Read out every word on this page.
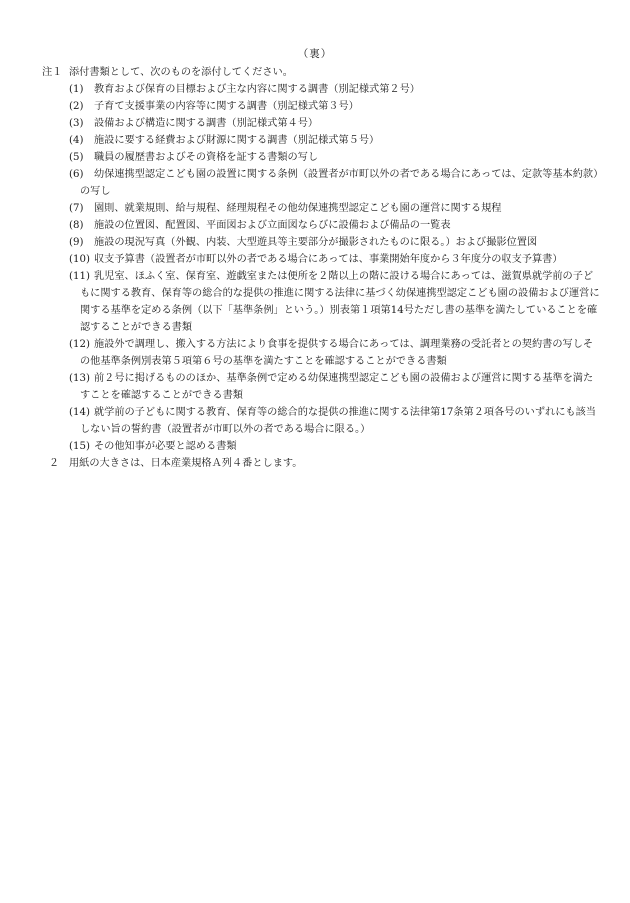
（裏）
注１ 添付書類として、次のものを添付してください。
(1)	教育および保育の目標および主な内容に関する調書（別記様式第２号）
(2)	子育て支援事業の内容等に関する調書（別記様式第３号）
(3)	設備および構造に関する調書（別記様式第４号）
(4)	施設に要する経費および財源に関する調書（別記様式第５号）
(5)	職員の履歴書およびその資格を証する書類の写し
(6)	幼保連携型認定こども園の設置に関する条例（設置者が市町以外の者である場合にあっては、定款等基本約款）の写し
(7)	園則、就業規則、給与規程、経理規程その他幼保連携型認定こども園の運営に関する規程
(8)	施設の位置図、配置図、平面図および立面図ならびに設備および備品の一覧表
(9)	施設の現況写真（外観、内装、大型遊具等主要部分が撮影されたものに限る。）および撮影位置図
(10) 収支予算書（設置者が市町以外の者である場合にあっては、事業開始年度から３年度分の収支予算書）
(11) 乳児室、ほふく室、保育室、遊戯室または便所を２階以上の階に設ける場合にあっては、滋賀県就学前の子どもに関する教育、保育等の総合的な提供の推進に関する法律に基づく幼保連携型認定こども園の設備および運営に関する基準を定める条例（以下「基準条例」という。）別表第１項第14号ただし書の基準を満たしていることを確認することができる書類
(12) 施設外で調理し、搬入する方法により食事を提供する場合にあっては、調理業務の受託者との契約書の写しその他基準条例別表第５項第６号の基準を満たすことを確認することができる書類
(13) 前２号に掲げるもののほか、基準条例で定める幼保連携型認定こども園の設備および運営に関する基準を満たすことを確認することができる書類
(14) 就学前の子どもに関する教育、保育等の総合的な提供の推進に関する法律第17条第２項各号のいずれにも該当しない旨の誓約書（設置者が市町以外の者である場合に限る。）
(15) その他知事が必要と認める書類
２ 用紙の大きさは、日本産業規格Ａ列４番とします。
